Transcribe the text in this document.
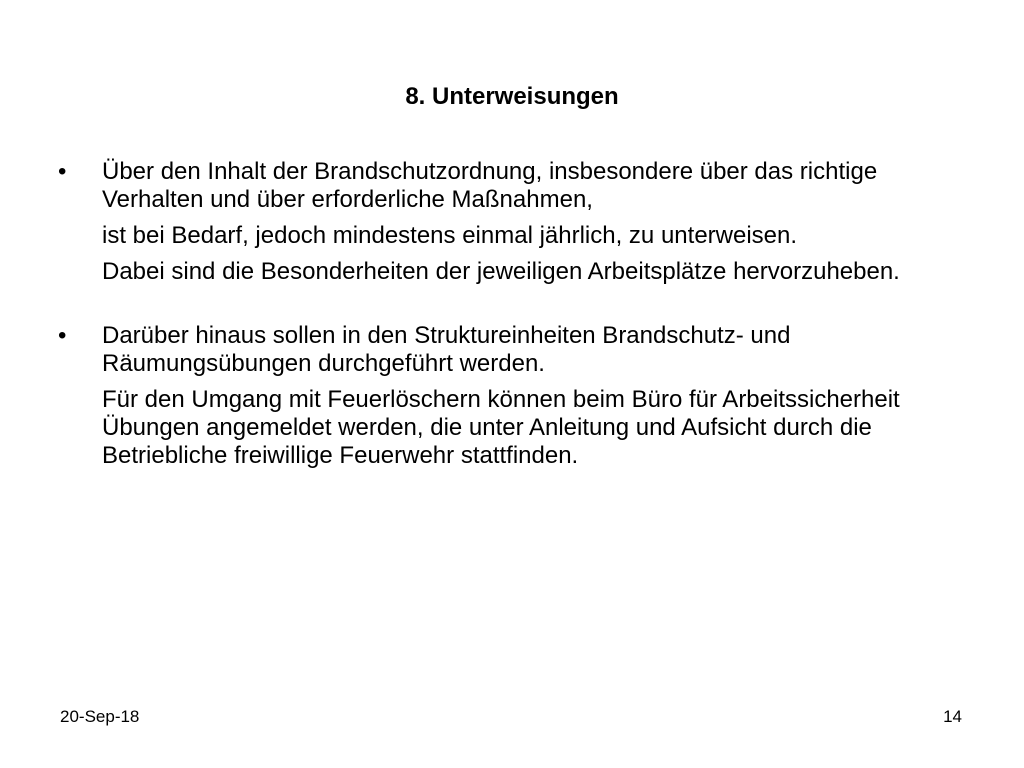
8. Unterweisungen
• Über den Inhalt der Brandschutzordnung, insbesondere über das richtige Verhalten und über erforderliche Maßnahmen,

ist bei Bedarf, jedoch mindestens einmal jährlich, zu unterweisen.

Dabei sind die Besonderheiten der jeweiligen Arbeitsplätze hervorzuheben.

• Darüber hinaus sollen in den Struktureinheiten Brandschutz- und Räumungsübungen durchgeführt werden.

Für den Umgang mit Feuerlöschern können beim Büro für Arbeitssicherheit Übungen angemeldet werden, die unter Anleitung und Aufsicht durch die Betriebliche freiwillige Feuerwehr stattfinden.

20-Sep-18	14
